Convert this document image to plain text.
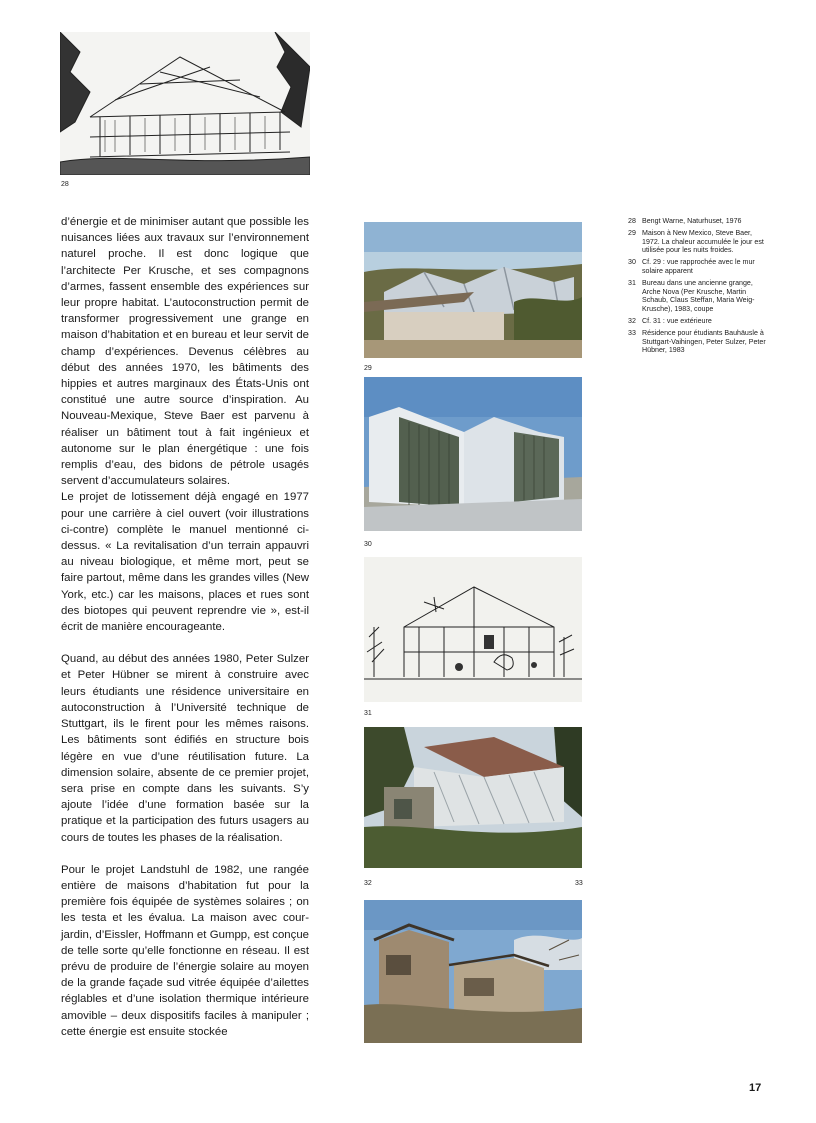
28
29
30
31
32	33

d’énergie et de minimiser autant que possible les nuisances liées aux travaux sur l’environnement naturel proche. Il est donc logique que l’architecte Per Krusche, et ses compagnons d’armes, fassent ensemble des expériences sur leur propre habitat. L’autoconstruction permit de transformer progressivement une grange en maison d’habitation et en bureau et leur servit de champ d’expériences. Devenus célèbres au début des années 1970, les bâtiments des hippies et autres marginaux des États-Unis ont constitué une autre source d’inspiration. Au Nouveau-Mexique, Steve Baer est parvenu à réaliser un bâtiment tout à fait ingénieux et autonome sur le plan énergétique : une fois remplis d’eau, des bidons de pétrole usagés servent d’accumulateurs solaires.

Le projet de lotissement déjà engagé en 1977 pour une carrière à ciel ouvert (voir illustrations ci-contre) complète le manuel mentionné ci-dessus. « La revitalisation d’un terrain appauvri au niveau biologique, et même mort, peut se faire partout, même dans les grandes villes (New York, etc.) car les maisons, places et rues sont des biotopes qui peuvent reprendre vie », est-il écrit de manière encourageante.

Quand, au début des années 1980, Peter Sulzer et Peter Hübner se mirent à construire avec leurs étudiants une résidence universitaire en autoconstruction à l’Université technique de Stuttgart, ils le firent pour les mêmes raisons. Les bâtiments sont édifiés en structure bois légère en vue d’une réutilisation future. La dimension solaire, absente de ce premier projet, sera prise en compte dans les suivants. S’y ajoute l’idée d’une formation basée sur la pratique et la participation des futurs usagers au cours de toutes les phases de la réalisation.

Pour le projet Landstuhl de 1982, une rangée entière de maisons d’habitation fut pour la première fois équipée de systèmes solaires ; on les testa et les évalua. La maison avec cour-jardin, d’Eissler, Hoffmann et Gumpp, est conçue de telle sorte qu’elle fonctionne en réseau. Il est prévu de produire de l’énergie solaire au moyen de la grande façade sud vitrée équipée d’ailettes réglables et d’une isolation thermique intérieure amovible – deux dispositifs faciles à manipuler ; cette énergie est ensuite stockée

28 Bengt Warne, Naturhuset, 1976
29 Maison à New Mexico, Steve Baer, 1972. La chaleur accumulée le jour est utilisée pour les nuits froides.
30 Cf. 29 : vue rapprochée avec le mur solaire apparent
31 Bureau dans une ancienne grange, Arche Nova (Per Krusche, Martin Schaub, Claus Steffan, Maria Weig-Krusche), 1983, coupe
32 Cf. 31 : vue extérieure
33 Résidence pour étudiants Bauhäusle à Stuttgart-Vaihingen, Peter Sulzer, Peter Hübner, 1983
17
